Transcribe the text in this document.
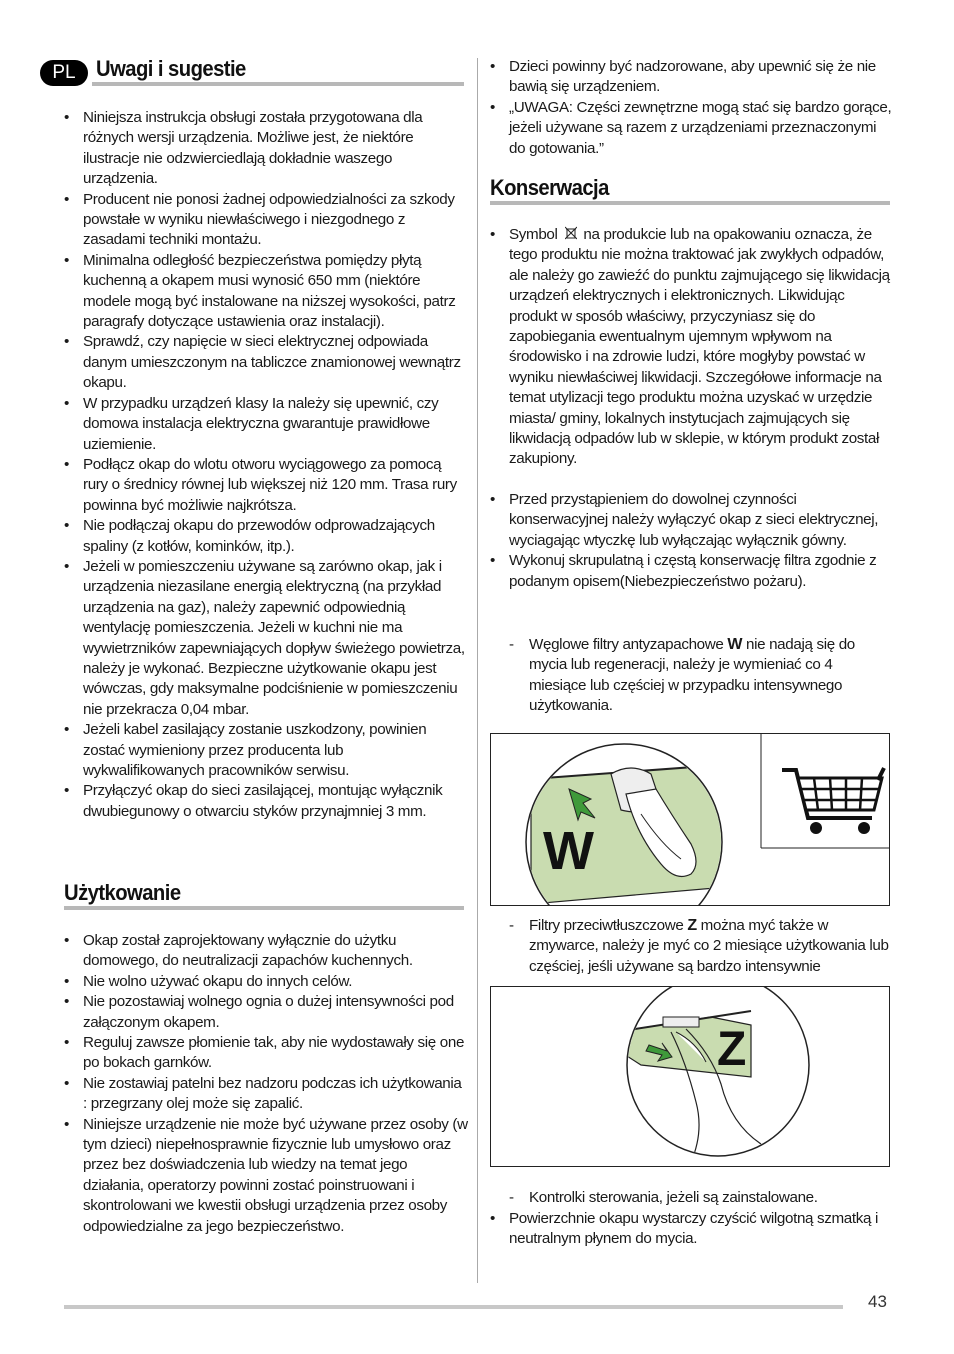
PL Uwagi i sugestie
• Niniejsza instrukcja obsługi została przygotowana dla różnych wersji urządzenia. Możliwe jest, że niektóre ilustracje nie odzwierciedlają dokładnie waszego urządzenia.
• Producent nie ponosi żadnej odpowiedzialności za szkody powstałe w wyniku niewłaściwego i niezgodnego z zasadami techniki montażu.
• Minimalna odległość bezpieczeństwa pomiędzy płytą kuchenną a okapem musi wynosić 650 mm (niektóre modele mogą być instalowane na niższej wysokości, patrz paragrafy dotyczące ustawienia oraz instalacji).
• Sprawdź, czy napięcie w sieci elektrycznej odpowiada danym umieszczonym na tabliczce znamionowej wewnątrz okapu.
• W przypadku urządzeń klasy Ia należy się upewnić, czy domowa instalacja elektryczna gwarantuje prawidłowe uziemienie.
• Podłącz okap do wlotu otworu wyciągowego za pomocą rury o średnicy równej lub większej niż 120 mm. Trasa rury powinna być możliwie najkrótsza.
• Nie podłączaj okapu do przewodów odprowadzających spaliny (z kotłów, kominków, itp.).
• Jeżeli w pomieszczeniu używane są zarówno okap, jak i urządzenia niezasilane energią elektryczną (na przykład urządzenia na gaz), należy zapewnić odpowiednią wentylację pomieszczenia. Jeżeli w kuchni nie ma wywietrzników zapewniających dopływ świeżego powietrza, należy je wykonać. Bezpieczne użytkowanie okapu jest wówczas, gdy maksymalne podciśnienie w pomieszczeniu nie przekracza 0,04 mbar.
• Jeżeli kabel zasilający zostanie uszkodzony, powinien zostać wymieniony przez producenta lub wykwalifikowanych pracowników serwisu.
• Przyłączyć okap do sieci zasilającej, montując wyłącznik dwubiegunowy o otwarciu styków przynajmniej 3 mm.
Użytkowanie
• Okap został zaprojektowany wyłącznie do użytku domowego, do neutralizacji zapachów kuchennych.
• Nie wolno używać okapu do innych celów.
• Nie pozostawiaj wolnego ognia o dużej intensywności pod załączonym okapem.
• Reguluj zawsze płomienie tak, aby nie wydostawały się one po bokach garnków.
• Nie zostawiaj patelni bez nadzoru podczas ich użytkowania : przegrzany olej może się zapalić.
• Niniejsze urządzenie nie może być używane przez osoby (w tym dzieci) niepełnosprawnie fizycznie lub umysłowo oraz przez bez doświadczenia lub wiedzy na temat jego działania, operatorzy powinni zostać poinstruowani i skontrolowani we kwestii obsługi urządzenia przez osoby odpowiedzialne za jego bezpieczeństwo.
• Dzieci powinny być nadzorowane, aby upewnić się że nie bawią się urządzeniem.
• „UWAGA: Części zewnętrzne mogą stać się bardzo gorące, jeżeli używane są razem z urządzeniami przeznaczonymi do gotowania.”
Konserwacja
• Symbol na produkcie lub na opakowaniu oznacza, że tego produktu nie można traktować jak zwykłych odpadów, ale należy go zawieźć do punktu zajmującego się likwidacją urządzeń elektrycznych i elektronicznych. Likwidując produkt w sposób właściwy, przyczyniasz się do zapobiegania ewentualnym ujemnym wpływom na środowisko i na zdrowie ludzi, które mogłyby powstać w wyniku niewłaściwej likwidacji. Szczegółowe informacje na temat utylizacji tego produktu można uzyskać w urzędzie miasta/ gminy, lokalnych instytucjach zajmujących się likwidacją odpadów lub w sklepie, w którym produkt został zakupiony.
• Przed przystąpieniem do dowolnej czynności konserwacyjnej należy wyłączyć okap z sieci elektrycznej, wyciagając wtyczkę lub wyłączając wyłącznik gówny.
• Wykonuj skrupulatną i częstą konserwację filtra zgodnie z podanym opisem(Niebezpieczeństwo pożaru).
- Węglowe filtry antyzapachowe W nie nadają się do mycia lub regeneracji, należy je wymieniać co 4 miesiące lub częściej w przypadku intensywnego użytkowania.
W
- Filtry przeciwtłuszczowe Z można myć także w zmywarce, należy je myć co 2 miesiące użytkowania lub częściej, jeśli używane są bardzo intensywnie
Z
- Kontrolki sterowania, jeżeli są zainstalowane.
• Powierzchnie okapu wystarczy czyścić wilgotną szmatką i neutralnym płynem do mycia.
43
